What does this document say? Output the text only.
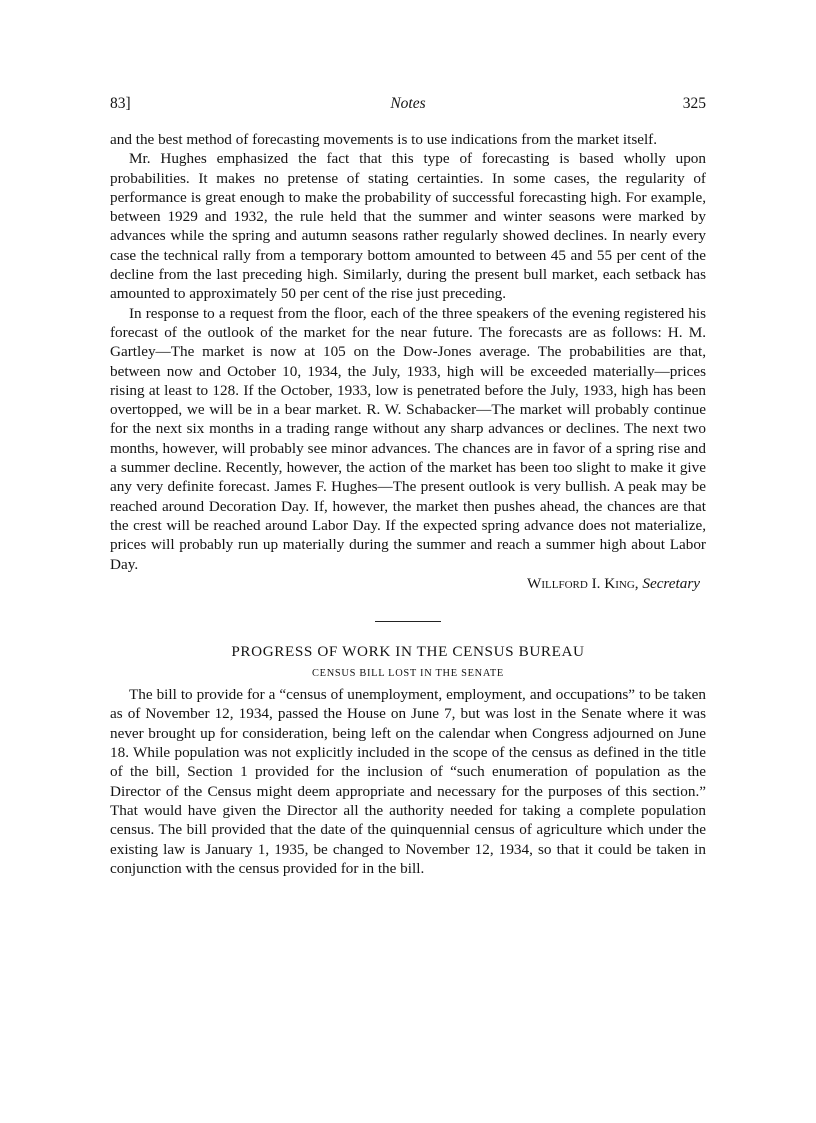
83]	Notes	325

and the best method of forecasting movements is to use indications from the market itself.

Mr. Hughes emphasized the fact that this type of forecasting is based wholly upon probabilities. It makes no pretense of stating certainties. In some cases, the regularity of performance is great enough to make the probability of successful forecasting high. For example, between 1929 and 1932, the rule held that the summer and winter seasons were marked by advances while the spring and autumn seasons rather regularly showed declines. In nearly every case the technical rally from a temporary bottom amounted to between 45 and 55 per cent of the decline from the last preceding high. Similarly, during the present bull market, each setback has amounted to approximately 50 per cent of the rise just preceding.

In response to a request from the floor, each of the three speakers of the evening registered his forecast of the outlook of the market for the near future. The forecasts are as follows: H. M. Gartley—The market is now at 105 on the Dow-Jones average. The probabilities are that, between now and October 10, 1934, the July, 1933, high will be exceeded materially—prices rising at least to 128. If the October, 1933, low is penetrated before the July, 1933, high has been overtopped, we will be in a bear market. R. W. Schabacker—The market will probably continue for the next six months in a trading range without any sharp advances or declines. The next two months, however, will probably see minor advances. The chances are in favor of a spring rise and a summer decline. Recently, however, the action of the market has been too slight to make it give any very definite forecast. James F. Hughes—The present outlook is very bullish. A peak may be reached around Decoration Day. If, however, the market then pushes ahead, the chances are that the crest will be reached around Labor Day. If the expected spring advance does not materialize, prices will probably run up materially during the summer and reach a summer high about Labor Day.

Willford I. King, Secretary
PROGRESS OF WORK IN THE CENSUS BUREAU
CENSUS BILL LOST IN THE SENATE

The bill to provide for a “census of unemployment, employment, and occupations” to be taken as of November 12, 1934, passed the House on June 7, but was lost in the Senate where it was never brought up for consideration, being left on the calendar when Congress adjourned on June 18. While population was not explicitly included in the scope of the census as defined in the title of the bill, Section 1 provided for the inclusion of “such enumeration of population as the Director of the Census might deem appropriate and necessary for the purposes of this section.” That would have given the Director all the authority needed for taking a complete population census. The bill provided that the date of the quinquennial census of agriculture which under the existing law is January 1, 1935, be changed to November 12, 1934, so that it could be taken in conjunction with the census provided for in the bill.
